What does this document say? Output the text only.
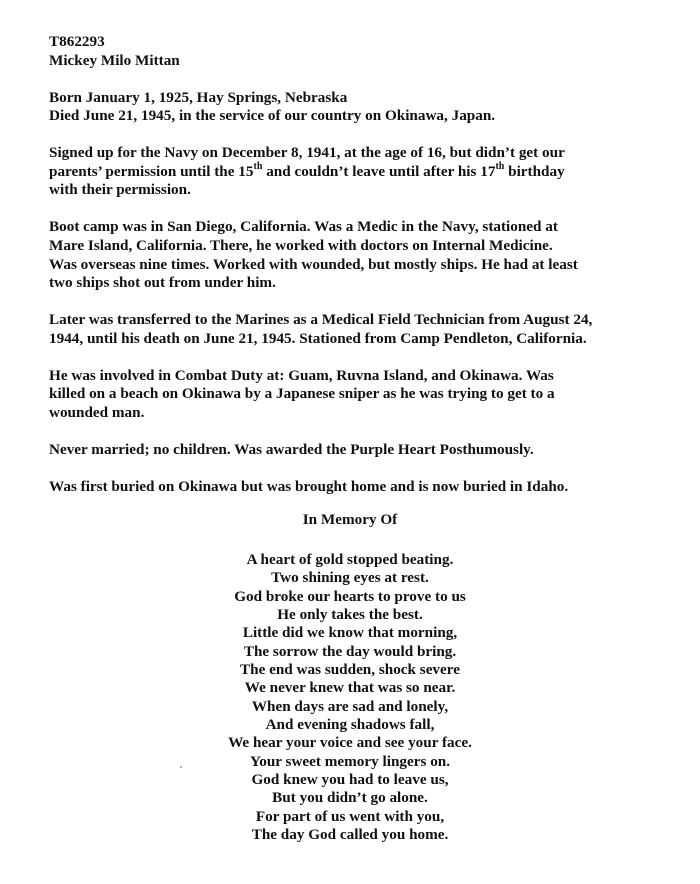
T862293
Mickey Milo Mittan

Born January 1, 1925, Hay Springs, Nebraska
Died June 21, 1945, in the service of our country on Okinawa, Japan.

Signed up for the Navy on December 8, 1941, at the age of 16, but didn’t get our
parents’ permission until the 15th and couldn’t leave until after his 17th birthday
with their permission.

Boot camp was in San Diego, California. Was a Medic in the Navy, stationed at
Mare Island, California. There, he worked with doctors on Internal Medicine.
Was overseas nine times. Worked with wounded, but mostly ships. He had at least
two ships shot out from under him.

Later was transferred to the Marines as a Medical Field Technician from August 24,
1944, until his death on June 21, 1945. Stationed from Camp Pendleton, California.

He was involved in Combat Duty at: Guam, Ruvna Island, and Okinawa. Was
killed on a beach on Okinawa by a Japanese sniper as he was trying to get to a
wounded man.

Never married; no children. Was awarded the Purple Heart Posthumously.

Was first buried on Okinawa but was brought home and is now buried in Idaho.

In Memory Of
A heart of gold stopped beating.
Two shining eyes at rest.
God broke our hearts to prove to us
He only takes the best.
Little did we know that morning,
The sorrow the day would bring.
The end was sudden, shock severe
We never knew that was so near.
When days are sad and lonely,
And evening shadows fall,
We hear your voice and see your face.
Your sweet memory lingers on.
God knew you had to leave us,
But you didn’t go alone.
For part of us went with you,
The day God called you home.
